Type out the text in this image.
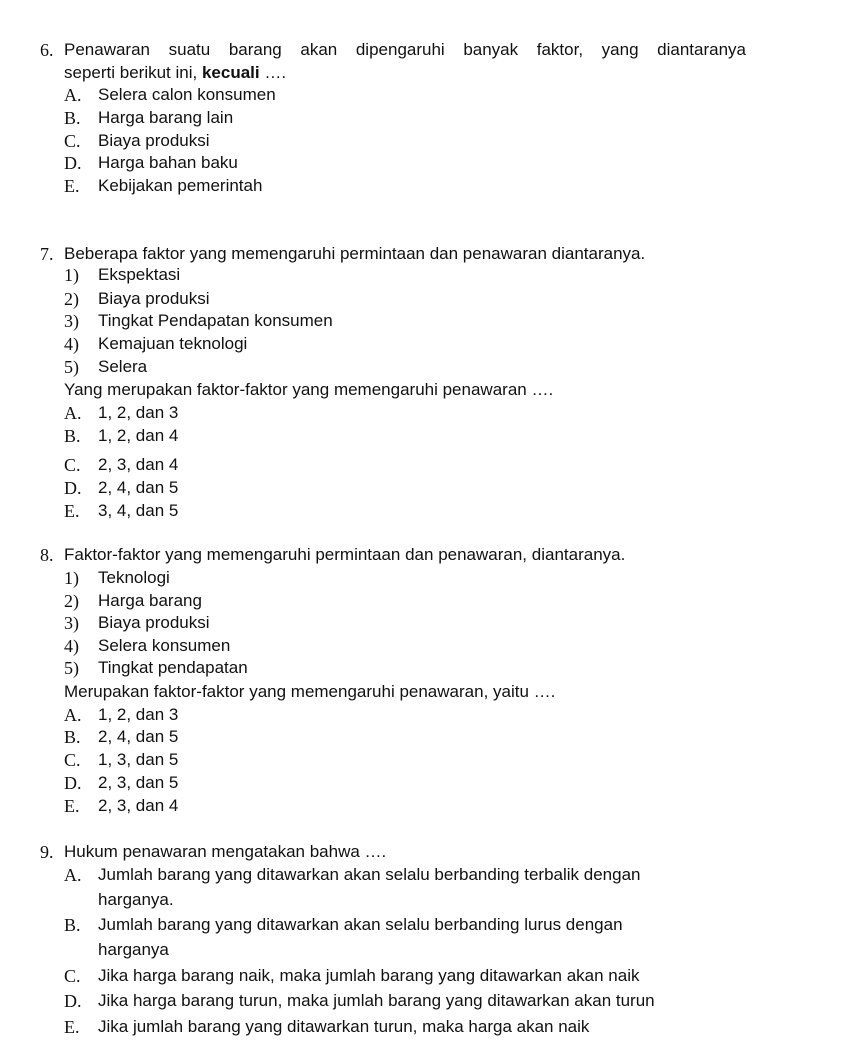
6. Penawaran suatu barang akan dipengaruhi banyak faktor, yang diantaranya
seperti berikut ini, kecuali ….
A. Selera calon konsumen
B. Harga barang lain
C. Biaya produksi
D. Harga bahan baku
E. Kebijakan pemerintah
7. Beberapa faktor yang memengaruhi permintaan dan penawaran diantaranya.
1) Ekspektasi
2) Biaya produksi
3) Tingkat Pendapatan konsumen
4) Kemajuan teknologi
5) Selera
Yang merupakan faktor-faktor yang memengaruhi penawaran ….
A. 1, 2, dan 3
B. 1, 2, dan 4
C. 2, 3, dan 4
D. 2, 4, dan 5
E. 3, 4, dan 5
8. Faktor-faktor yang memengaruhi permintaan dan penawaran, diantaranya.
1) Teknologi
2) Harga barang
3) Biaya produksi
4) Selera konsumen
5) Tingkat pendapatan
Merupakan faktor-faktor yang memengaruhi penawaran, yaitu ….
A. 1, 2, dan 3
B. 2, 4, dan 5
C. 1, 3, dan 5
D. 2, 3, dan 5
E. 2, 3, dan 4
9. Hukum penawaran mengatakan bahwa ….
A. Jumlah barang yang ditawarkan akan selalu berbanding terbalik dengan
harganya.
B. Jumlah barang yang ditawarkan akan selalu berbanding lurus dengan
harganya
C. Jika harga barang naik, maka jumlah barang yang ditawarkan akan naik
D. Jika harga barang turun, maka jumlah barang yang ditawarkan akan turun
E. Jika jumlah barang yang ditawarkan turun, maka harga akan naik
